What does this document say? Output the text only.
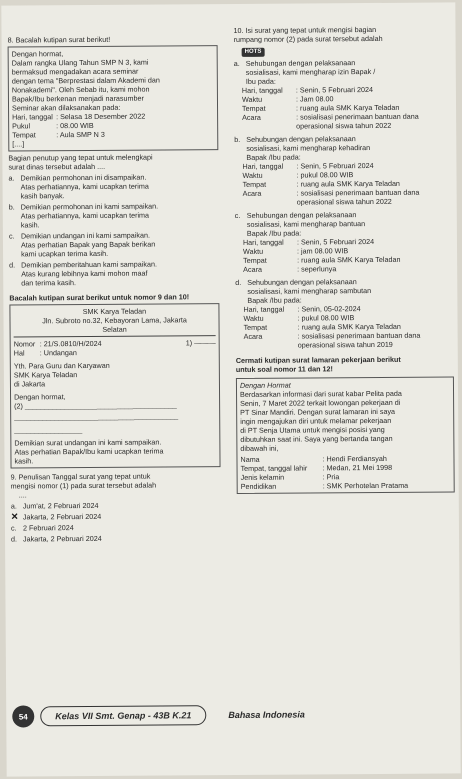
8. Bacalah kutipan surat berikut!
Dengan hormat,
Dalam rangka Ulang Tahun SMP N 3, kami
bermaksud mengadakan acara seminar
dengan tema "Berprestasi dalam Akademi dan
Nonakademi". Oleh Sebab itu, kami mohon
Bapak/Ibu berkenan menjadi narasumber
Seminar akan dilaksanakan pada:
Hari, tanggal : Selasa 18 Desember 2022
Pukul	: 08.00 WIB
Tempat	: Aula SMP N 3
[....]
Bagian penutup yang tepat untuk melengkapi
surat dinas tersebut adalah ....
a. Demikian permohonan ini disampaikan.
Atas perhatiannya, kami ucapkan terima
kasih banyak.
b. Demikian permohonan ini kami sampaikan.
Atas perhatiannya, kami ucapkan terima
kasih.
c. Demikian undangan ini kami sampaikan.
Atas perhatian Bapak yang Bapak berikan
kami ucapkan terima kasih.
d. Demikian pemberitahuan kami sampaikan.
Atas kurang lebihnya kami mohon maaf
dan terima kasih.
Bacalah kutipan surat berikut untuk nomor 9 dan 10!
SMK Karya Teladan
Jln. Subroto no.32, Kebayoran Lama, Jakarta
Selatan
Nomor : 21/S.0810/H/2024	1) ———
Hal	: Undangan
Yth. Para Guru dan Karyawan
SMK Karya Teladan
di Jakarta
Dengan hormat,
(2) ______________________________________
_________________________________________
_________________
Demikian surat undangan ini kami sampaikan.
Atas perhatian Bapak/Ibu kami ucapkan terima
kasih.
9. Penulisan Tanggal surat yang tepat untuk
mengisi nomor (1) pada surat tersebut adalah
....
a. Jum'at, 2 Februari 2024
✕ Jakarta, 2 Februari 2024
c. 2 Februari 2024
d. Jakarta, 2 Pebruari 2024
10. Isi surat yang tepat untuk mengisi bagian
rumpang nomor (2) pada surat tersebut adalah
HOTS
a. Sehubungan dengan pelaksanaan
sosialisasi, kami mengharap izin Bapak /
Ibu pada:
Hari, tanggal	: Senin, 5 Februari 2024
Waktu	: Jam 08.00
Tempat	: ruang aula SMK Karya Teladan
Acara	: sosialisasi penerimaan bantuan dana operasional siswa tahun 2022
b. Sehubungan dengan pelaksanaan
sosialisasi, kami mengharap kehadiran
Bapak /Ibu pada:
Hari, tanggal	: Senin, 5 Februari 2024
Waktu	: pukul 08.00 WIB
Tempat	: ruang aula SMK Karya Teladan
Acara	: sosialisasi penerimaan bantuan dana operasional siswa tahun 2022
c. Sehubungan dengan pelaksanaan
sosialisasi, kami mengharap bantuan
Bapak /Ibu pada:
Hari, tanggal	: Senin, 5 Februari 2024
Waktu	: jam 08.00 WIB
Tempat	: ruang aula SMK Karya Teladan
Acara	: seperlunya
d. Sehubungan dengan pelaksanaan
sosialisasi, kami mengharap sambutan
Bapak /Ibu pada:
Hari, tanggal	: Senin, 05-02-2024
Waktu	: pukul 08.00 WIB
Tempat	: ruang aula SMK Karya Teladan
Acara	: sosialisasi penerimaan bantuan dana operasional siswa tahun 2019
Cermati kutipan surat lamaran pekerjaan berikut
untuk soal nomor 11 dan 12!
Dengan Hormat
Berdasarkan informasi dari surat kabar Pelita pada
Senin, 7 Maret 2022 terkait lowongan pekerjaan di
PT Sinar Mandiri. Dengan surat lamaran ini saya
ingin mengajukan diri untuk melamar pekerjaan
di PT Senja Utama untuk mengisi posisi yang
dibutuhkan saat ini. Saya yang bertanda tangan
dibawah ini,
Nama	: Hendi Ferdiansyah
Tempat, tanggal lahir	: Medan, 21 Mei 1998
Jenis kelamin	: Pria
Pendidikan	: SMK Perhotelan Pratama
54	Kelas VII Smt. Genap - 43B K.21	Bahasa Indonesia
